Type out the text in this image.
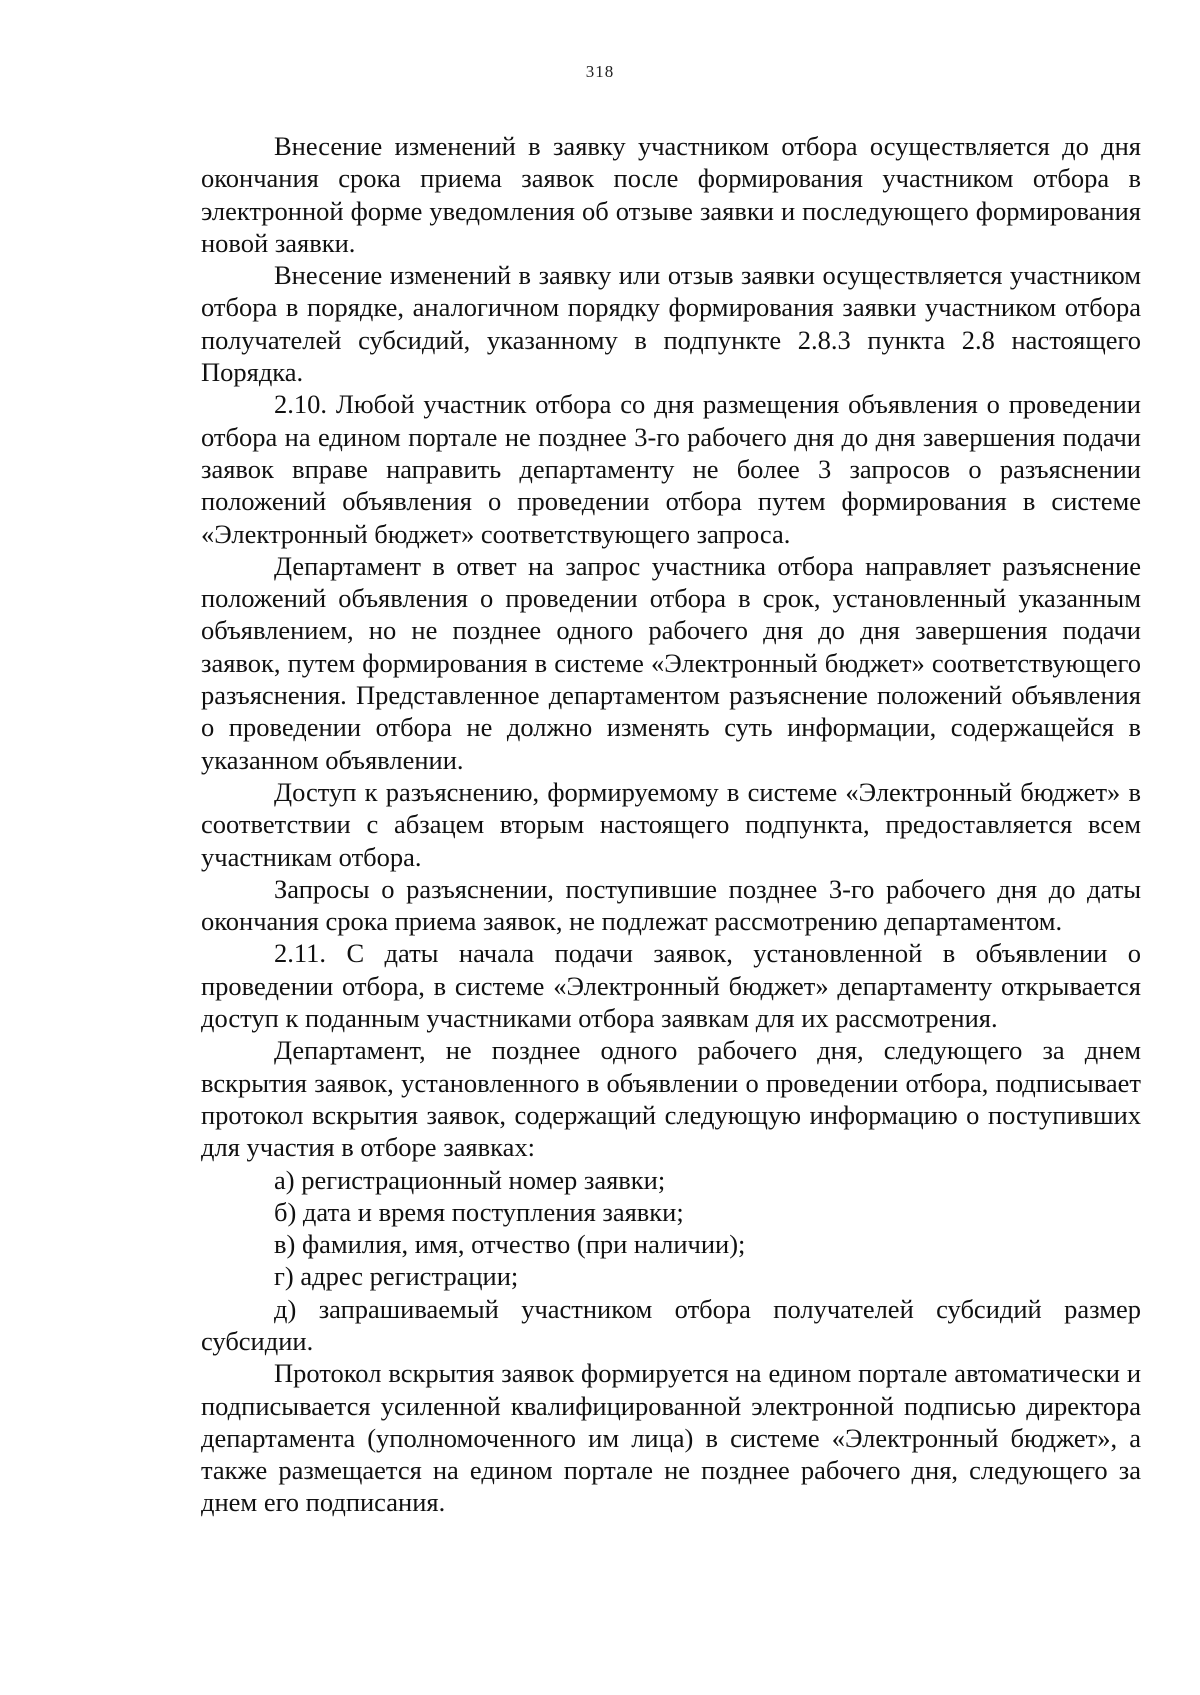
318

Внесение изменений в заявку участником отбора осуществляется до дня окончания срока приема заявок после формирования участником отбора в электронной форме уведомления об отзыве заявки и последующего формирования новой заявки.

Внесение изменений в заявку или отзыв заявки осуществляется участником отбора в порядке, аналогичном порядку формирования заявки участником отбора получателей субсидий, указанному в подпункте 2.8.3 пункта 2.8 настоящего Порядка.

2.10. Любой участник отбора со дня размещения объявления о проведении отбора на едином портале не позднее 3-го рабочего дня до дня завершения подачи заявок вправе направить департаменту не более 3 запросов о разъяснении положений объявления о проведении отбора путем формирования в системе «Электронный бюджет» соответствующего запроса.

Департамент в ответ на запрос участника отбора направляет разъяснение положений объявления о проведении отбора в срок, установленный указанным объявлением, но не позднее одного рабочего дня до дня завершения подачи заявок, путем формирования в системе «Электронный бюджет» соответствующего разъяснения. Представленное департаментом разъяснение положений объявления о проведении отбора не должно изменять суть информации, содержащейся в указанном объявлении.

Доступ к разъяснению, формируемому в системе «Электронный бюджет» в соответствии с абзацем вторым настоящего подпункта, предоставляется всем участникам отбора.

Запросы о разъяснении, поступившие позднее 3-го рабочего дня до даты окончания срока приема заявок, не подлежат рассмотрению департаментом.

2.11. С даты начала подачи заявок, установленной в объявлении о проведении отбора, в системе «Электронный бюджет» департаменту открывается доступ к поданным участниками отбора заявкам для их рассмотрения.

Департамент, не позднее одного рабочего дня, следующего за днем вскрытия заявок, установленного в объявлении о проведении отбора, подписывает протокол вскрытия заявок, содержащий следующую информацию о поступивших для участия в отборе заявках:

а) регистрационный номер заявки;

б) дата и время поступления заявки;

в) фамилия, имя, отчество (при наличии);

г) адрес регистрации;

д) запрашиваемый участником отбора получателей субсидий размер субсидии.

Протокол вскрытия заявок формируется на едином портале автоматически и подписывается усиленной квалифицированной электронной подписью директора департамента (уполномоченного им лица) в системе «Электронный бюджет», а также размещается на едином портале не позднее рабочего дня, следующего за днем его подписания.
